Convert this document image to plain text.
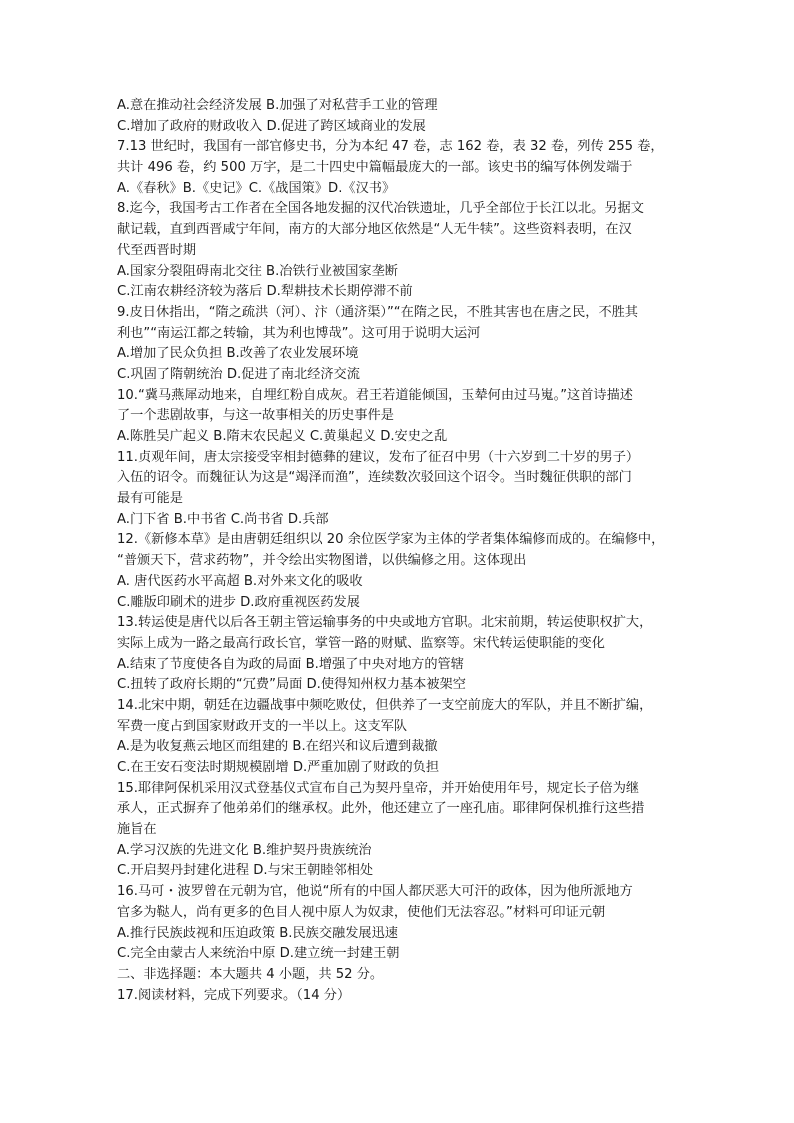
A.意在推动社会经济发展 B.加强了对私营手工业的管理
C.增加了政府的财政收入 D.促进了跨区域商业的发展
7.13 世纪时，我国有一部官修史书，分为本纪 47 卷，志 162 卷，表 32 卷，列传 255 卷，
共计 496 卷，约 500 万字，是二十四史中篇幅最庞大的一部。该史书的编写体例发端于
A.《春秋》B.《史记》C.《战国策》D.《汉书》
8.迄今，我国考古工作者在全国各地发掘的汉代冶铁遗址，几乎全部位于长江以北。另据文
献记载，直到西晋咸宁年间，南方的大部分地区依然是“人无牛犊”。这些资料表明，在汉
代至西晋时期
A.国家分裂阻碍南北交往 B.冶铁行业被国家垄断
C.江南农耕经济较为落后 D.犁耕技术长期停滞不前
9.皮日休指出，“隋之疏洪（河）、汴（通济渠）”“在隋之民，不胜其害也在唐之民，不胜其
利也”“南运江都之转输，其为利也博哉”。这可用于说明大运河
A.增加了民众负担 B.改善了农业发展环境
C.巩固了隋朝统治 D.促进了南北经济交流
10.“冀马燕犀动地来，自埋红粉自成灰。君王若道能倾国，玉辇何由过马嵬。”这首诗描述
了一个悲剧故事，与这一故事相关的历史事件是
A.陈胜吴广起义 B.隋末农民起义 C.黄巢起义 D.安史之乱
11.贞观年间，唐太宗接受宰相封德彝的建议，发布了征召中男（十六岁到二十岁的男子）
入伍的诏令。而魏征认为这是“竭泽而渔”，连续数次驳回这个诏令。当时魏征供职的部门
最有可能是
A.门下省 B.中书省 C.尚书省 D.兵部
12.《新修本草》是由唐朝廷组织以 20 余位医学家为主体的学者集体编修而成的。在编修中，
“普颁天下，营求药物”，并令绘出实物图谱，以供编修之用。这体现出
A. 唐代医药水平高超 B.对外来文化的吸收
C.雕版印刷术的进步 D.政府重视医药发展
13.转运使是唐代以后各王朝主管运输事务的中央或地方官职。北宋前期，转运使职权扩大，
实际上成为一路之最高行政长官，掌管一路的财赋、监察等。宋代转运使职能的变化
A.结束了节度使各自为政的局面 B.增强了中央对地方的管辖
C.扭转了政府长期的“冗费”局面 D.使得知州权力基本被架空
14.北宋中期，朝廷在边疆战事中频吃败仗，但供养了一支空前庞大的军队，并且不断扩编，
军费一度占到国家财政开支的一半以上。这支军队
A.是为收复燕云地区而组建的 B.在绍兴和议后遭到裁撤
C.在王安石变法时期规模剧增 D.严重加剧了财政的负担
15.耶律阿保机采用汉式登基仪式宣布自己为契丹皇帝，并开始使用年号，规定长子倍为继
承人，正式摒弃了他弟弟们的继承权。此外，他还建立了一座孔庙。耶律阿保机推行这些措
施旨在
A.学习汉族的先进文化 B.维护契丹贵族统治
C.开启契丹封建化进程 D.与宋王朝睦邻相处
16.马可・波罗曾在元朝为官，他说“所有的中国人都厌恶大可汗的政体，因为他所派地方
官多为鞑人，尚有更多的色目人视中原人为奴隶，使他们无法容忍。”材料可印证元朝
A.推行民族歧视和压迫政策 B.民族交融发展迅速
C.完全由蒙古人来统治中原 D.建立统一封建王朝
二、非选择题：本大题共 4 小题，共 52 分。
17.阅读材料，完成下列要求。（14 分）
